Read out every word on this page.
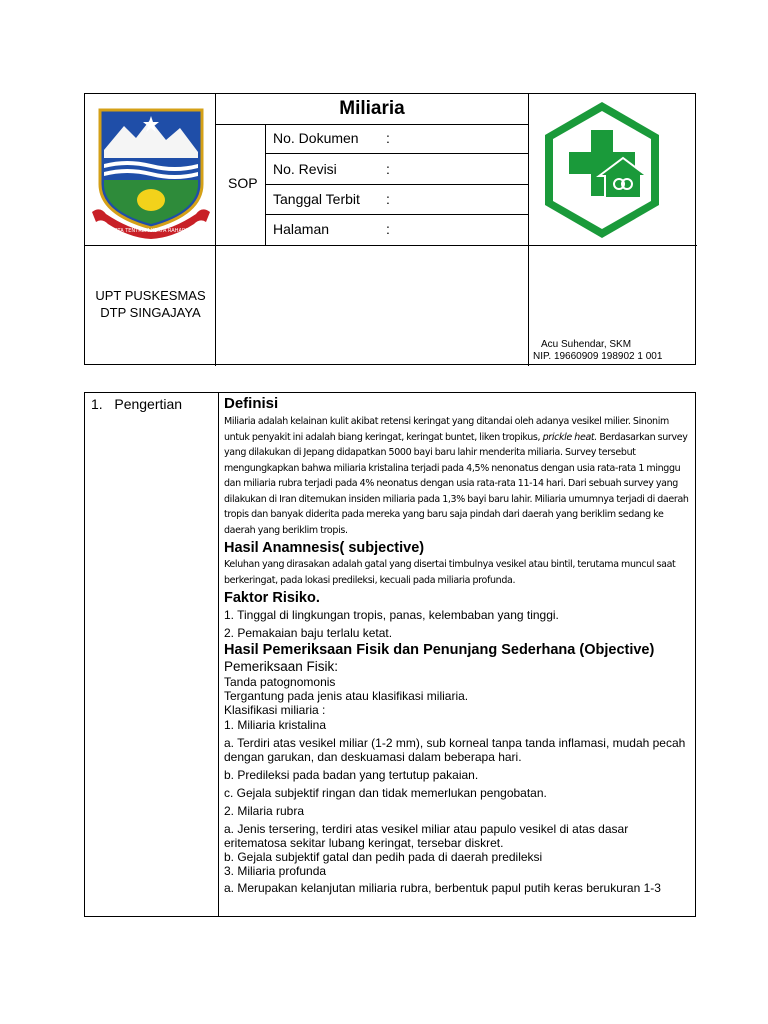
TATA TENTREM KERTA RAHARJA
Miliaria
SOP
No. Dokumen :
No. Revisi	:
Tanggal Terbit :
Halaman	:
UPT PUSKESMAS
DTP SINGAJAYA
Acu Suhendar, SKM
NIP. 19660909 198902 1 001
1. Pengertian	Definisi

Miliaria adalah kelainan kulit akibat retensi keringat yang ditandai oleh adanya vesikel milier. Sinonim untuk penyakit ini adalah biang keringat, keringat buntet, liken tropikus, prickle heat. Berdasarkan survey yang dilakukan di Jepang didapatkan 5000 bayi baru lahir menderita miliaria. Survey tersebut mengungkapkan bahwa miliaria kristalina terjadi pada 4,5% nenonatus dengan usia rata-rata 1 minggu dan miliaria rubra terjadi pada 4% neonatus dengan usia rata-rata 11-14 hari. Dari sebuah survey yang dilakukan di Iran ditemukan insiden miliaria pada 1,3% bayi baru lahir. Miliaria umumnya terjadi di daerah tropis dan banyak diderita pada mereka yang baru saja pindah dari daerah yang beriklim sedang ke daerah yang beriklim tropis.

Hasil Anamnesis( subjective)

Keluhan yang dirasakan adalah gatal yang disertai timbulnya vesikel atau bintil, terutama muncul saat berkeringat, pada lokasi predileksi, kecuali pada miliaria profunda.

Faktor Risiko.

1. Tinggal di lingkungan tropis, panas, kelembaban yang tinggi.

2. Pemakaian baju terlalu ketat.

Hasil Pemeriksaan Fisik dan Penunjang Sederhana (Objective)

Pemeriksaan Fisik:

Tanda patognomonis

Tergantung pada jenis atau klasifikasi miliaria.

Klasifikasi miliaria :

1. Miliaria kristalina

a. Terdiri atas vesikel miliar (1-2 mm), sub korneal tanpa tanda inflamasi, mudah pecah dengan garukan, dan deskuamasi dalam beberapa hari.

b. Predileksi pada badan yang tertutup pakaian.

c. Gejala subjektif ringan dan tidak memerlukan pengobatan.

2. Milaria rubra

a. Jenis tersering, terdiri atas vesikel miliar atau papulo vesikel di atas dasar eritematosa sekitar lubang keringat, tersebar diskret.

b. Gejala subjektif gatal dan pedih pada di daerah predileksi

3. Miliaria profunda

a. Merupakan kelanjutan miliaria rubra, berbentuk papul putih keras berukuran 1-3
